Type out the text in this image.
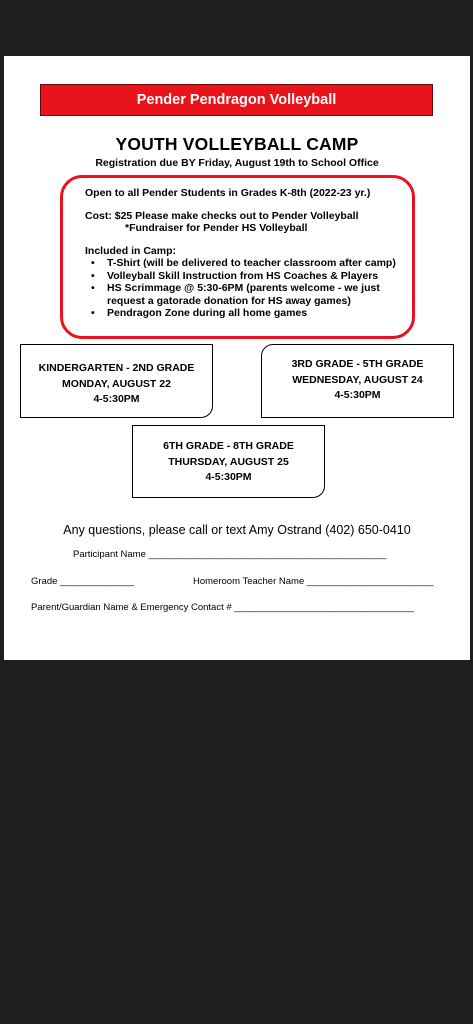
Pender Pendragon Volleyball
YOUTH VOLLEYBALL CAMP
Registration due BY Friday, August 19th to School Office

Open to all Pender Students in Grades K-8th (2022-23 yr.)

Cost: $25 Please make checks out to Pender Volleyball

*Fundraiser for Pender HS Volleyball

Included in Camp:

• T-Shirt (will be delivered to teacher classroom after camp)
• Volleyball Skill Instruction from HS Coaches & Players
• HS Scrimmage @ 5:30-6PM (parents welcome - we just request a gatorade donation for HS away games)
• Pendragon Zone during all home games
KINDERGARTEN - 2ND GRADE
MONDAY, AUGUST 22
4-5:30PM
3RD GRADE - 5TH GRADE
WEDNESDAY, AUGUST 24
4-5:30PM
6TH GRADE - 8TH GRADE
THURSDAY, AUGUST 25
4-5:30PM
Any questions, please call or text Amy Ostrand (402) 650-0410
Participant Name _____________________________________________
Grade ______________	Homeroom Teacher Name ________________________
Parent/Guardian Name & Emergency Contact # __________________________________
